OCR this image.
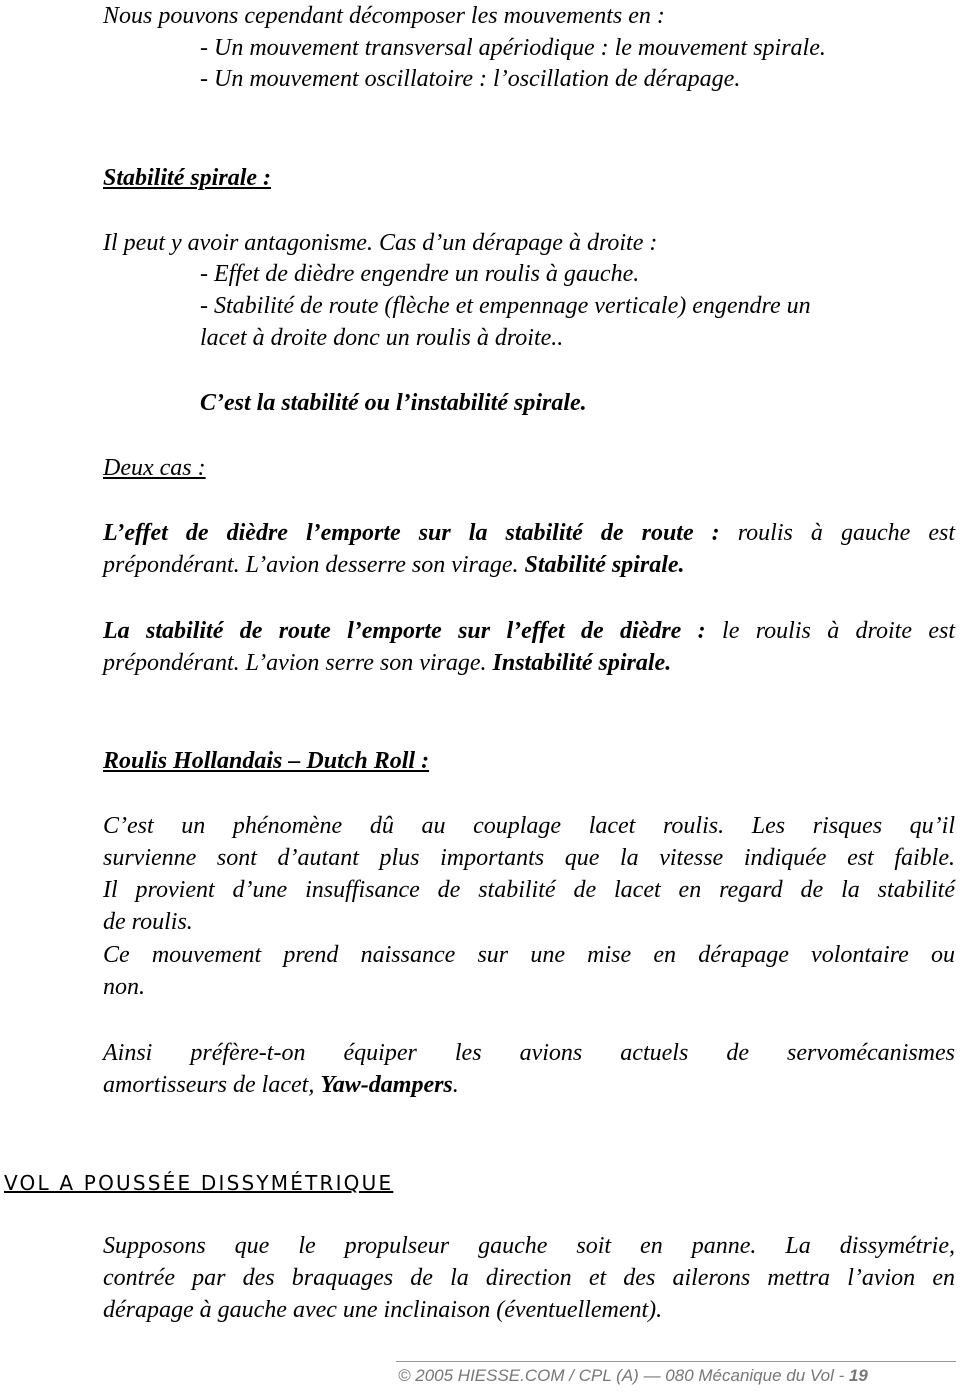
Nous pouvons cependant décomposer les mouvements en :
- Un mouvement transversal apériodique : le mouvement spirale.
- Un mouvement oscillatoire : l’oscillation de dérapage.
Stabilité spirale :
Il peut y avoir antagonisme. Cas d’un dérapage à droite :
- Effet de dièdre engendre un roulis à gauche.
- Stabilité de route (flèche et empennage verticale) engendre un
lacet à droite donc un roulis à droite..
C’est la stabilité ou l’instabilité spirale.
Deux cas :
L’effet de dièdre l’emporte sur la stabilité de route : roulis à gauche est
prépondérant. L’avion desserre son virage. Stabilité spirale.
La stabilité de route l’emporte sur l’effet de dièdre : le roulis à droite est
prépondérant. L’avion serre son virage. Instabilité spirale.
Roulis Hollandais – Dutch Roll :
C’est un phénomène dû au couplage lacet roulis. Les risques qu’il
survienne sont d’autant plus importants que la vitesse indiquée est faible.
Il provient d’une insuffisance de stabilité de lacet en regard de la stabilité
de roulis.
Ce mouvement prend naissance sur une mise en dérapage volontaire ou
non.
Ainsi préfère-t-on équiper les avions actuels de servomécanismes
amortisseurs de lacet, Yaw-dampers.
VOL A POUSSÉE DISSYMÉTRIQUE
Supposons que le propulseur gauche soit en panne. La dissymétrie,
contrée par des braquages de la direction et des ailerons mettra l’avion en
dérapage à gauche avec une inclinaison (éventuellement).
© 2005 HIESSE.COM / CPL (A) — 080 Mécanique du Vol - 19
